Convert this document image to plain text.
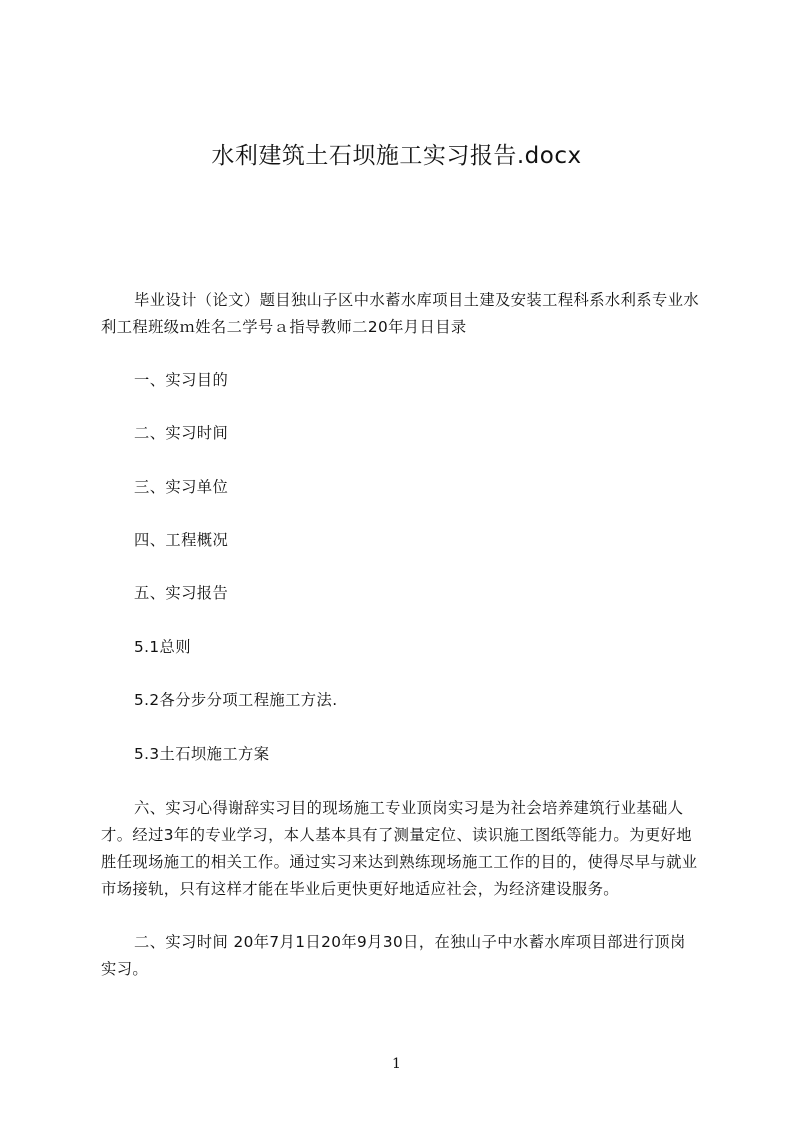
水利建筑土石坝施工实习报告.docx
毕业设计（论文）题目独山子区中水蓄水库项目土建及安装工程科系水利系专业水利工程班级ｍ姓名二学号ａ指导教师二20年月日目录
一、实习目的
二、实习时间
三、实习单位
四、工程概况
五、实习报告
5.1总则
5.2各分步分项工程施工方法.
5.3土石坝施工方案
六、实习心得谢辞实习目的现场施工专业顶岗实习是为社会培养建筑行业基础人才。经过3年的专业学习，本人基本具有了测量定位、读识施工图纸等能力。为更好地胜任现场施工的相关工作。通过实习来达到熟练现场施工工作的目的，使得尽早与就业市场接轨，只有这样才能在毕业后更快更好地适应社会，为经济建设服务。
二、实习时间 20年7月1日20年9月30日，在独山子中水蓄水库项目部进行顶岗实习。
1
